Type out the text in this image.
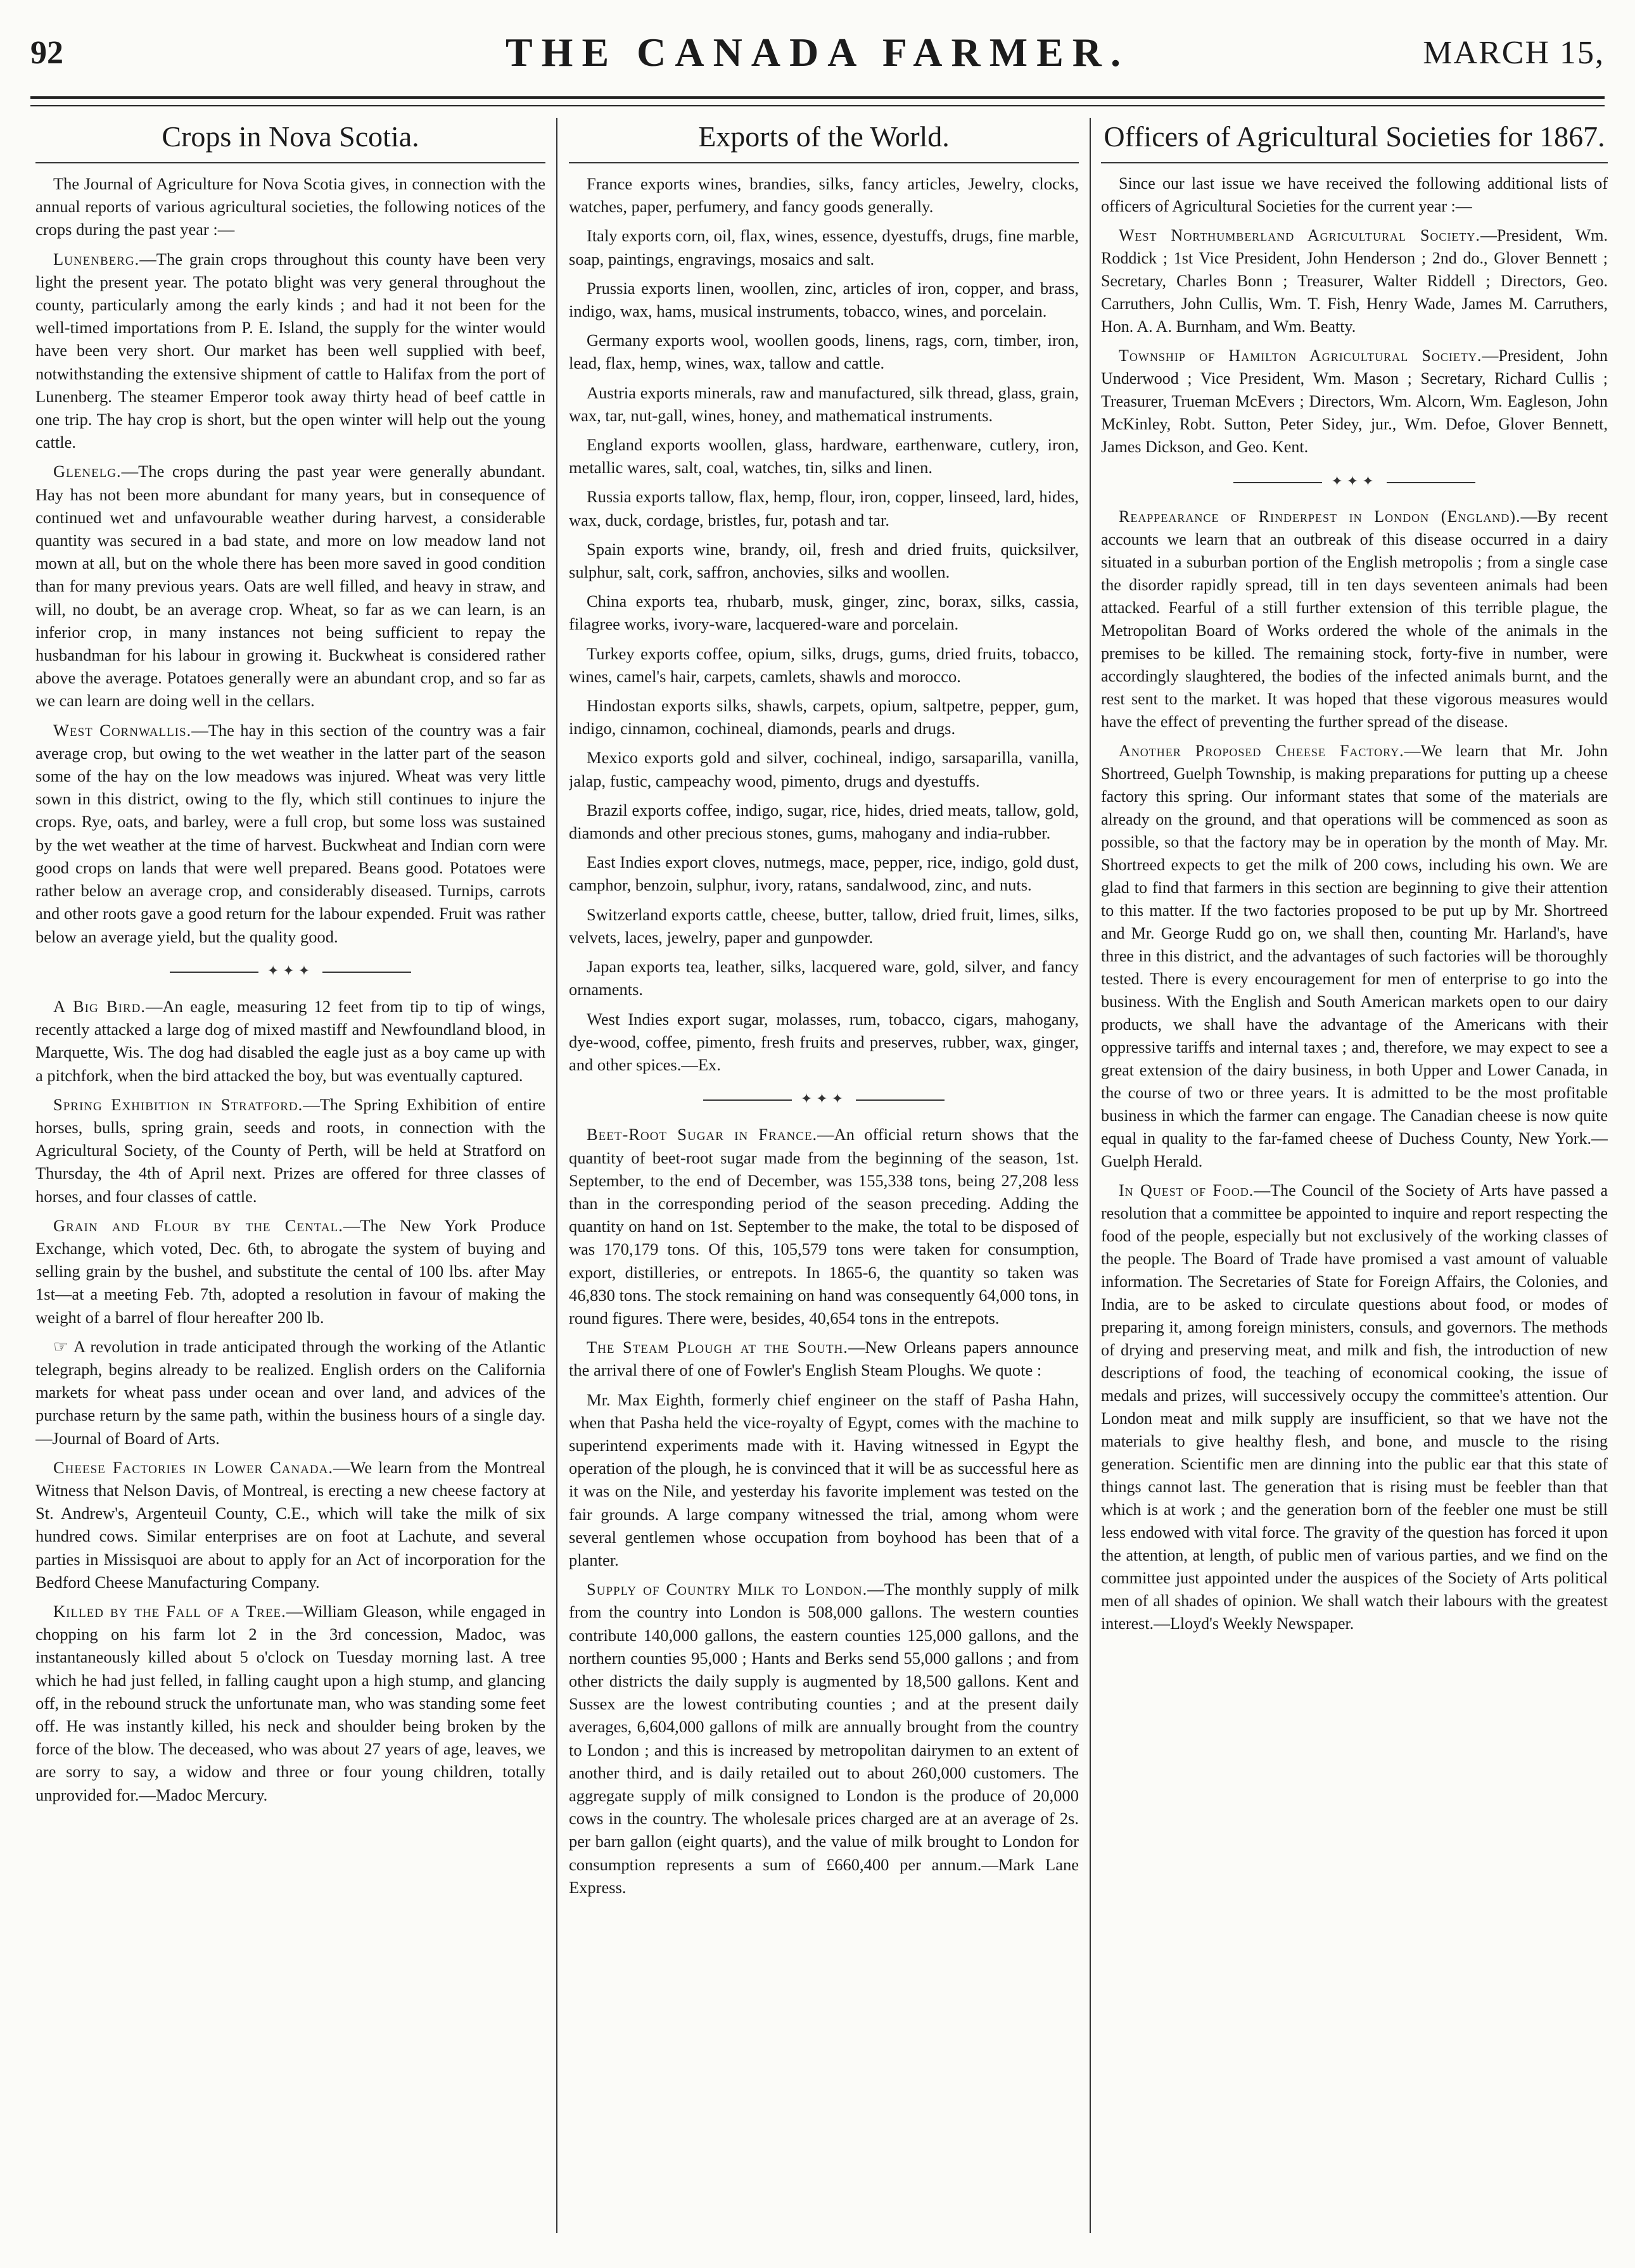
92	THE CANADA FARMER.	MARCH 15,
Crops in Nova Scotia.

The Journal of Agriculture for Nova Scotia gives, in connection with the annual reports of various agricultural societies, the following notices of the crops during the past year :—

Lunenberg.—The grain crops throughout this county have been very light the present year. The potato blight was very general throughout the county, particularly among the early kinds ; and had it not been for the well-timed importations from P. E. Island, the supply for the winter would have been very short. Our market has been well supplied with beef, notwithstanding the extensive shipment of cattle to Halifax from the port of Lunenberg. The steamer Emperor took away thirty head of beef cattle in one trip. The hay crop is short, but the open winter will help out the young cattle.

Glenelg.—The crops during the past year were generally abundant. Hay has not been more abundant for many years, but in consequence of continued wet and unfavourable weather during harvest, a considerable quantity was secured in a bad state, and more on low meadow land not mown at all, but on the whole there has been more saved in good condition than for many previous years. Oats are well filled, and heavy in straw, and will, no doubt, be an average crop. Wheat, so far as we can learn, is an inferior crop, in many instances not being sufficient to repay the husbandman for his labour in growing it. Buckwheat is considered rather above the average. Potatoes generally were an abundant crop, and so far as we can learn are doing well in the cellars.

West Cornwallis.—The hay in this section of the country was a fair average crop, but owing to the wet weather in the latter part of the season some of the hay on the low meadows was injured. Wheat was very little sown in this district, owing to the fly, which still continues to injure the crops. Rye, oats, and barley, were a full crop, but some loss was sustained by the wet weather at the time of harvest. Buckwheat and Indian corn were good crops on lands that were well prepared. Beans good. Potatoes were rather below an average crop, and considerably diseased. Turnips, carrots and other roots gave a good return for the labour expended. Fruit was rather below an average yield, but the quality good.

✦✦✦

A Big Bird.—An eagle, measuring 12 feet from tip to tip of wings, recently attacked a large dog of mixed mastiff and Newfoundland blood, in Marquette, Wis. The dog had disabled the eagle just as a boy came up with a pitchfork, when the bird attacked the boy, but was eventually captured.

Spring Exhibition in Stratford.—The Spring Exhibition of entire horses, bulls, spring grain, seeds and roots, in connection with the Agricultural Society, of the County of Perth, will be held at Stratford on Thursday, the 4th of April next. Prizes are offered for three classes of horses, and four classes of cattle.

Grain and Flour by the Cental.—The New York Produce Exchange, which voted, Dec. 6th, to abrogate the system of buying and selling grain by the bushel, and substitute the cental of 100 lbs. after May 1st—at a meeting Feb. 7th, adopted a resolution in favour of making the weight of a barrel of flour hereafter 200 lb.

☞ A revolution in trade anticipated through the working of the Atlantic telegraph, begins already to be realized. English orders on the California markets for wheat pass under ocean and over land, and advices of the purchase return by the same path, within the business hours of a single day.—Journal of Board of Arts.

Cheese Factories in Lower Canada.—We learn from the Montreal Witness that Nelson Davis, of Montreal, is erecting a new cheese factory at St. Andrew's, Argenteuil County, C.E., which will take the milk of six hundred cows. Similar enterprises are on foot at Lachute, and several parties in Missisquoi are about to apply for an Act of incorporation for the Bedford Cheese Manufacturing Company.

Killed by the Fall of a Tree.—William Gleason, while engaged in chopping on his farm lot 2 in the 3rd concession, Madoc, was instantaneously killed about 5 o'clock on Tuesday morning last. A tree which he had just felled, in falling caught upon a high stump, and glancing off, in the rebound struck the unfortunate man, who was standing some feet off. He was instantly killed, his neck and shoulder being broken by the force of the blow. The deceased, who was about 27 years of age, leaves, we are sorry to say, a widow and three or four young children, totally unprovided for.—Madoc Mercury.

Exports of the World.

France exports wines, brandies, silks, fancy articles, Jewelry, clocks, watches, paper, perfumery, and fancy goods generally.

Italy exports corn, oil, flax, wines, essence, dyestuffs, drugs, fine marble, soap, paintings, engravings, mosaics and salt.

Prussia exports linen, woollen, zinc, articles of iron, copper, and brass, indigo, wax, hams, musical instruments, tobacco, wines, and porcelain.

Germany exports wool, woollen goods, linens, rags, corn, timber, iron, lead, flax, hemp, wines, wax, tallow and cattle.

Austria exports minerals, raw and manufactured, silk thread, glass, grain, wax, tar, nut-gall, wines, honey, and mathematical instruments.

England exports woollen, glass, hardware, earthenware, cutlery, iron, metallic wares, salt, coal, watches, tin, silks and linen.

Russia exports tallow, flax, hemp, flour, iron, copper, linseed, lard, hides, wax, duck, cordage, bristles, fur, potash and tar.

Spain exports wine, brandy, oil, fresh and dried fruits, quicksilver, sulphur, salt, cork, saffron, anchovies, silks and woollen.

China exports tea, rhubarb, musk, ginger, zinc, borax, silks, cassia, filagree works, ivory-ware, lacquered-ware and porcelain.

Turkey exports coffee, opium, silks, drugs, gums, dried fruits, tobacco, wines, camel's hair, carpets, camlets, shawls and morocco.

Hindostan exports silks, shawls, carpets, opium, saltpetre, pepper, gum, indigo, cinnamon, cochineal, diamonds, pearls and drugs.

Mexico exports gold and silver, cochineal, indigo, sarsaparilla, vanilla, jalap, fustic, campeachy wood, pimento, drugs and dyestuffs.

Brazil exports coffee, indigo, sugar, rice, hides, dried meats, tallow, gold, diamonds and other precious stones, gums, mahogany and india-rubber.

East Indies export cloves, nutmegs, mace, pepper, rice, indigo, gold dust, camphor, benzoin, sulphur, ivory, ratans, sandalwood, zinc, and nuts.

Switzerland exports cattle, cheese, butter, tallow, dried fruit, limes, silks, velvets, laces, jewelry, paper and gunpowder.

Japan exports tea, leather, silks, lacquered ware, gold, silver, and fancy ornaments.

West Indies export sugar, molasses, rum, tobacco, cigars, mahogany, dye-wood, coffee, pimento, fresh fruits and preserves, rubber, wax, ginger, and other spices.—Ex.

✦✦✦

Beet-Root Sugar in France.—An official return shows that the quantity of beet-root sugar made from the beginning of the season, 1st. September, to the end of December, was 155,338 tons, being 27,208 less than in the corresponding period of the season preceding. Adding the quantity on hand on 1st. September to the make, the total to be disposed of was 170,179 tons. Of this, 105,579 tons were taken for consumption, export, distilleries, or entrepots. In 1865-6, the quantity so taken was 46,830 tons. The stock remaining on hand was consequently 64,000 tons, in round figures. There were, besides, 40,654 tons in the entrepots.

The Steam Plough at the South.—New Orleans papers announce the arrival there of one of Fowler's English Steam Ploughs. We quote :

Mr. Max Eighth, formerly chief engineer on the staff of Pasha Hahn, when that Pasha held the vice-royalty of Egypt, comes with the machine to superintend experiments made with it. Having witnessed in Egypt the operation of the plough, he is convinced that it will be as successful here as it was on the Nile, and yesterday his favorite implement was tested on the fair grounds. A large company witnessed the trial, among whom were several gentlemen whose occupation from boyhood has been that of a planter.

Supply of Country Milk to London.—The monthly supply of milk from the country into London is 508,000 gallons. The western counties contribute 140,000 gallons, the eastern counties 125,000 gallons, and the northern counties 95,000 ; Hants and Berks send 55,000 gallons ; and from other districts the daily supply is augmented by 18,500 gallons. Kent and Sussex are the lowest contributing counties ; and at the present daily averages, 6,604,000 gallons of milk are annually brought from the country to London ; and this is increased by metropolitan dairymen to an extent of another third, and is daily retailed out to about 260,000 customers. The aggregate supply of milk consigned to London is the produce of 20,000 cows in the country. The wholesale prices charged are at an average of 2s. per barn gallon (eight quarts), and the value of milk brought to London for consumption represents a sum of £660,400 per annum.—Mark Lane Express.

Officers of Agricultural Societies for 1867.

Since our last issue we have received the following additional lists of officers of Agricultural Societies for the current year :—

West Northumberland Agricultural Society.—President, Wm. Roddick ; 1st Vice President, John Henderson ; 2nd do., Glover Bennett ; Secretary, Charles Bonn ; Treasurer, Walter Riddell ; Directors, Geo. Carruthers, John Cullis, Wm. T. Fish, Henry Wade, James M. Carruthers, Hon. A. A. Burnham, and Wm. Beatty.

Township of Hamilton Agricultural Society.—President, John Underwood ; Vice President, Wm. Mason ; Secretary, Richard Cullis ; Treasurer, Trueman McEvers ; Directors, Wm. Alcorn, Wm. Eagleson, John McKinley, Robt. Sutton, Peter Sidey, jur., Wm. Defoe, Glover Bennett, James Dickson, and Geo. Kent.

✦✦✦

Reappearance of Rinderpest in London (England).—By recent accounts we learn that an outbreak of this disease occurred in a dairy situated in a suburban portion of the English metropolis ; from a single case the disorder rapidly spread, till in ten days seventeen animals had been attacked. Fearful of a still further extension of this terrible plague, the Metropolitan Board of Works ordered the whole of the animals in the premises to be killed. The remaining stock, forty-five in number, were accordingly slaughtered, the bodies of the infected animals burnt, and the rest sent to the market. It was hoped that these vigorous measures would have the effect of preventing the further spread of the disease.

Another Proposed Cheese Factory.—We learn that Mr. John Shortreed, Guelph Township, is making preparations for putting up a cheese factory this spring. Our informant states that some of the materials are already on the ground, and that operations will be commenced as soon as possible, so that the factory may be in operation by the month of May. Mr. Shortreed expects to get the milk of 200 cows, including his own. We are glad to find that farmers in this section are beginning to give their attention to this matter. If the two factories proposed to be put up by Mr. Shortreed and Mr. George Rudd go on, we shall then, counting Mr. Harland's, have three in this district, and the advantages of such factories will be thoroughly tested. There is every encouragement for men of enterprise to go into the business. With the English and South American markets open to our dairy products, we shall have the advantage of the Americans with their oppressive tariffs and internal taxes ; and, therefore, we may expect to see a great extension of the dairy business, in both Upper and Lower Canada, in the course of two or three years. It is admitted to be the most profitable business in which the farmer can engage. The Canadian cheese is now quite equal in quality to the far-famed cheese of Duchess County, New York.—Guelph Herald.

In Quest of Food.—The Council of the Society of Arts have passed a resolution that a committee be appointed to inquire and report respecting the food of the people, especially but not exclusively of the working classes of the people. The Board of Trade have promised a vast amount of valuable information. The Secretaries of State for Foreign Affairs, the Colonies, and India, are to be asked to circulate questions about food, or modes of preparing it, among foreign ministers, consuls, and governors. The methods of drying and preserving meat, and milk and fish, the introduction of new descriptions of food, the teaching of economical cooking, the issue of medals and prizes, will successively occupy the committee's attention. Our London meat and milk supply are insufficient, so that we have not the materials to give healthy flesh, and bone, and muscle to the rising generation. Scientific men are dinning into the public ear that this state of things cannot last. The generation that is rising must be feebler than that which is at work ; and the generation born of the feebler one must be still less endowed with vital force. The gravity of the question has forced it upon the attention, at length, of public men of various parties, and we find on the committee just appointed under the auspices of the Society of Arts political men of all shades of opinion. We shall watch their labours with the greatest interest.—Lloyd's Weekly Newspaper.
